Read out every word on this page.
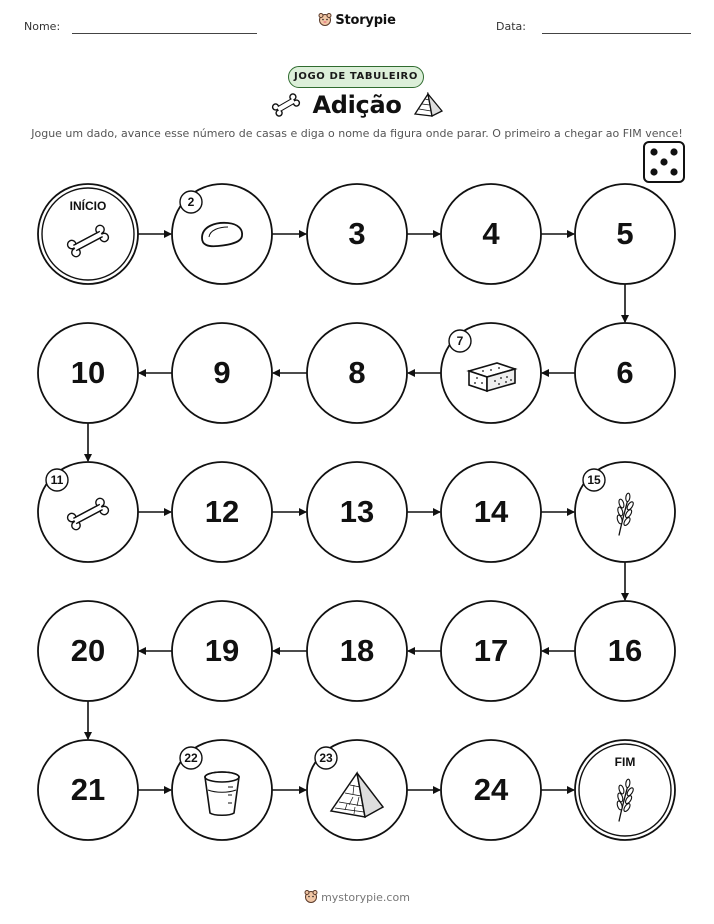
Nome:	Storypie	Data:
JOGO DE TABULEIRO
Adição
Jogue um dado, avance esse número de casas e diga o nome da figura onde parar. O primeiro a chegar ao FIM vence!
INÍCIO	2
3	4	5
6
7
8
9
10
11
12	13	14
15
16
17
18
19
20
21
22	23
24
FIM
mystorypie.com
